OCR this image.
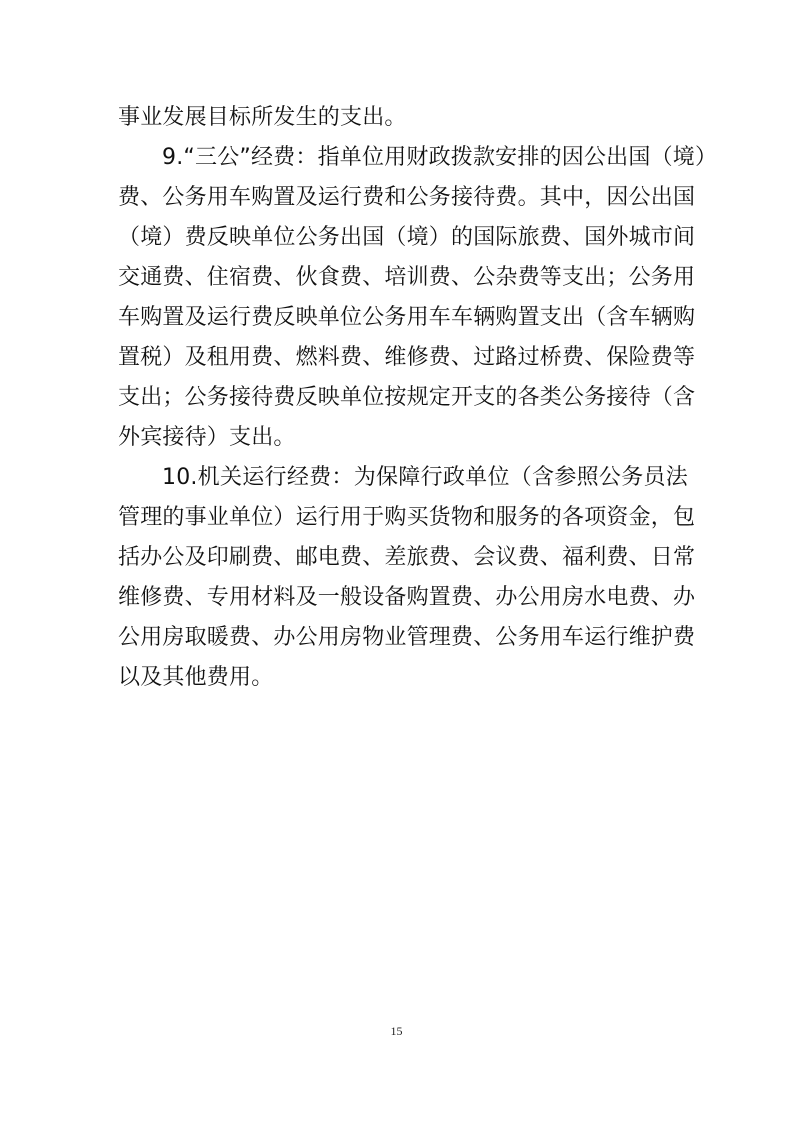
事业发展目标所发生的支出。
9.“三公”经费：指单位用财政拨款安排的因公出国（境）
费、公务用车购置及运行费和公务接待费。其中，因公出国
（境）费反映单位公务出国（境）的国际旅费、国外城市间
交通费、住宿费、伙食费、培训费、公杂费等支出；公务用
车购置及运行费反映单位公务用车车辆购置支出（含车辆购
置税）及租用费、燃料费、维修费、过路过桥费、保险费等
支出；公务接待费反映单位按规定开支的各类公务接待（含
外宾接待）支出。
10.机关运行经费：为保障行政单位（含参照公务员法
管理的事业单位）运行用于购买货物和服务的各项资金，包
括办公及印刷费、邮电费、差旅费、会议费、福利费、日常
维修费、专用材料及一般设备购置费、办公用房水电费、办
公用房取暖费、办公用房物业管理费、公务用车运行维护费
以及其他费用。
15
